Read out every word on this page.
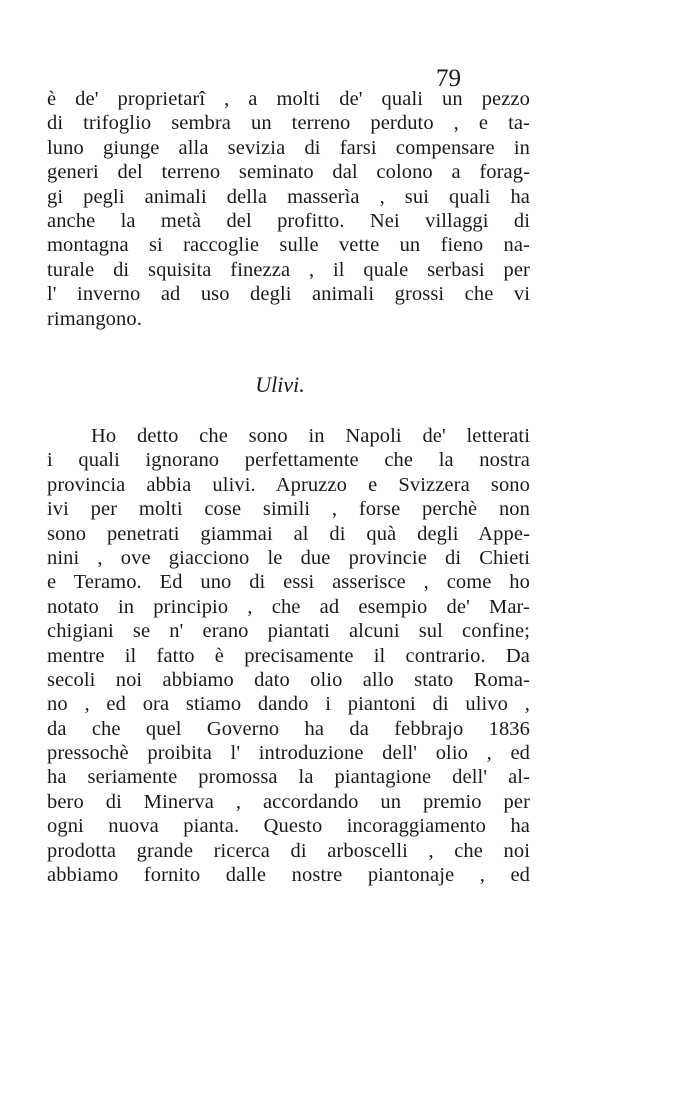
79
è de' proprietarî , a molti de' quali un pezzo
di trifoglio sembra un terreno perduto , e ta-
luno giunge alla sevizia di farsi compensare in
generi del terreno seminato dal colono a forag-
gi pegli animali della masserìa , sui quali ha
anche la metà del profitto. Nei villaggi di
montagna si raccoglie sulle vette un fieno na-
turale di squisita finezza , il quale serbasi per
l' inverno ad uso degli animali grossi che vi
rimangono.
Ulivi.
Ho detto che sono in Napoli de' letterati
i quali ignorano perfettamente che la nostra
provincia abbia ulivi. Apruzzo e Svizzera sono
ivi per molti cose simili , forse perchè non
sono penetrati giammai al di quà degli Appe-
nini , ove giacciono le due provincie di Chieti
e Teramo. Ed uno di essi asserisce , come ho
notato in principio , che ad esempio de' Mar-
chigiani se n' erano piantati alcuni sul confine;
mentre il fatto è precisamente il contrario. Da
secoli noi abbiamo dato olio allo stato Roma-
no , ed ora stiamo dando i piantoni di ulivo ,
da che quel Governo ha da febbrajo 1836
pressochè proibita l' introduzione dell' olio , ed
ha seriamente promossa la piantagione dell' al-
bero di Minerva , accordando un premio per
ogni nuova pianta. Questo incoraggiamento ha
prodotta grande ricerca di arboscelli , che noi
abbiamo fornito dalle nostre piantonaje , ed
